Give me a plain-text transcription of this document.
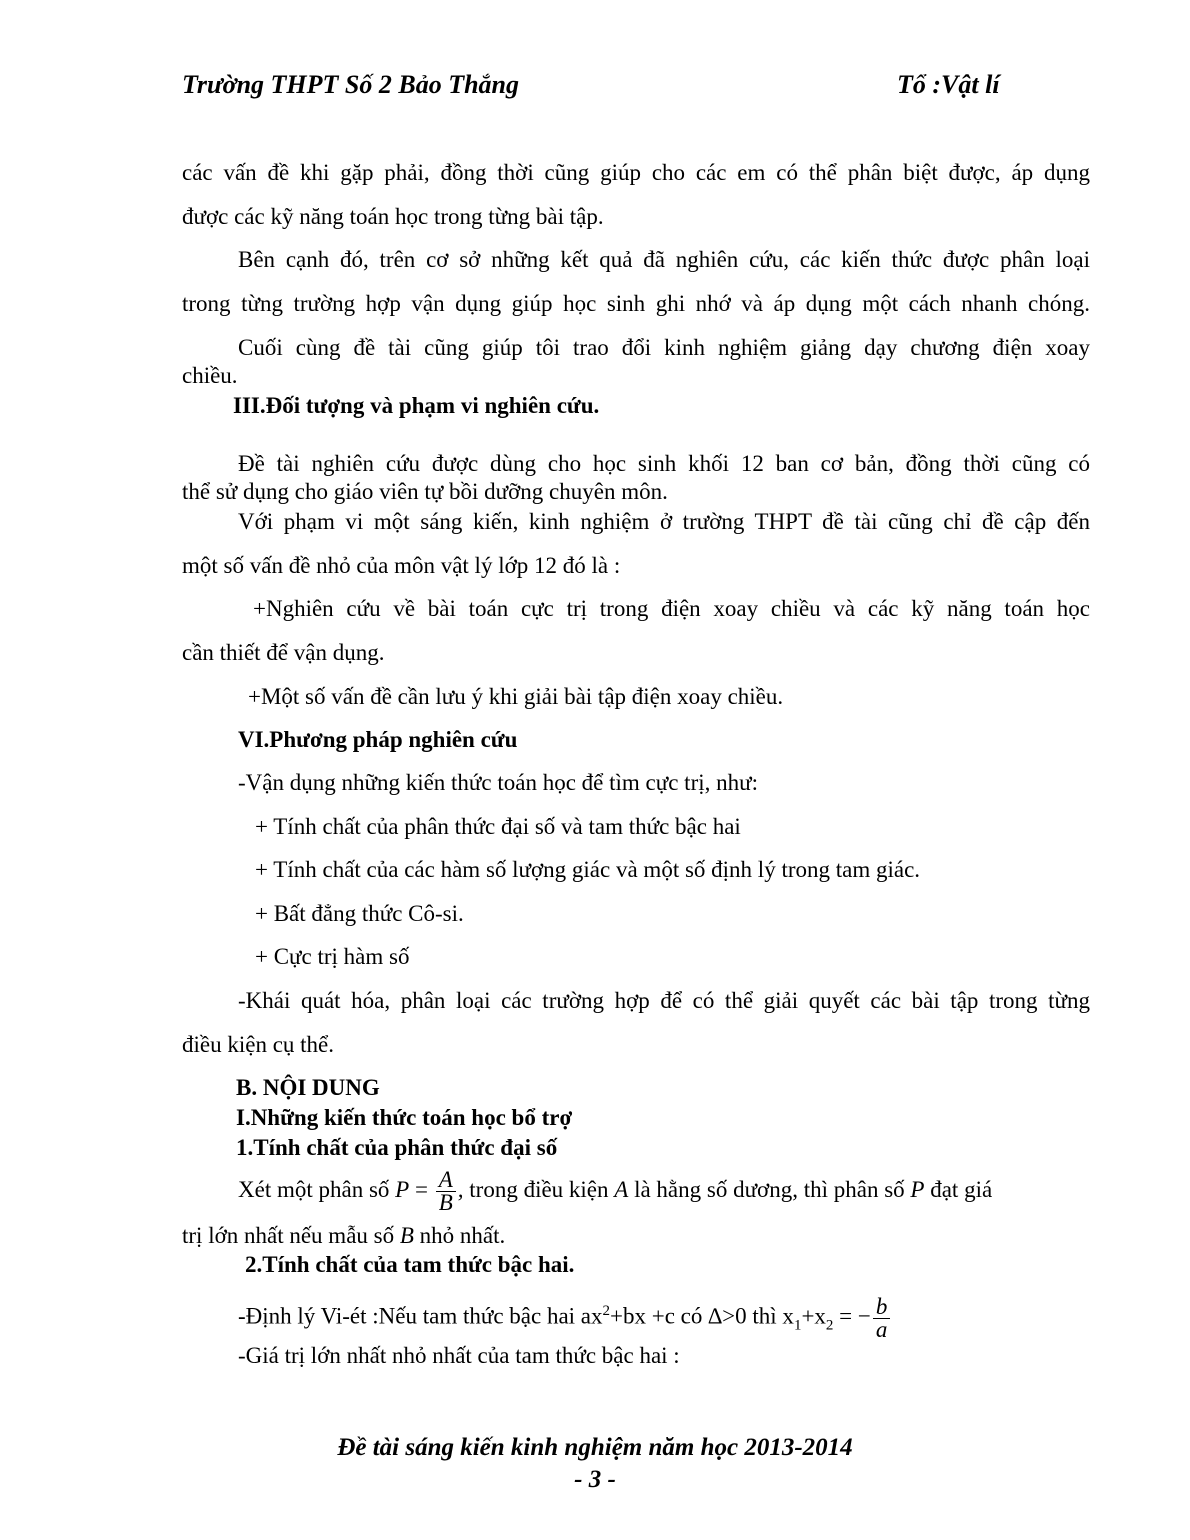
Trường THPT Số 2 Bảo Thắng	Tổ :Vật lí
các vấn đề khi gặp phải, đồng thời cũng giúp cho các em có thể phân biệt được, áp dụng
được các kỹ năng toán học trong từng bài tập.
Bên cạnh đó, trên cơ sở những kết quả đã nghiên cứu, các kiến thức được phân loại
trong từng trường hợp vận dụng giúp học sinh ghi nhớ và áp dụng một cách nhanh chóng.
Cuối cùng đề tài cũng giúp tôi trao đổi kinh nghiệm giảng dạy chương điện xoay
chiều.
III.Đối tượng và phạm vi nghiên cứu.
Đề tài nghiên cứu được dùng cho học sinh khối 12 ban cơ bản, đồng thời cũng có
thể sử dụng cho giáo viên tự bồi dưỡng chuyên môn.
Với phạm vi một sáng kiến, kinh nghiệm ở trường THPT đề tài cũng chỉ đề cập đến
một số vấn đề nhỏ của môn vật lý lớp 12 đó là :
+Nghiên cứu về bài toán cực trị trong điện xoay chiều và các kỹ năng toán học
cần thiết để vận dụng.
+Một số vấn đề cần lưu ý khi giải bài tập điện xoay chiều.
VI.Phương pháp nghiên cứu
-Vận dụng những kiến thức toán học để tìm cực trị, như:
+ Tính chất của phân thức đại số và tam thức bậc hai
+ Tính chất của các hàm số lượng giác và một số định lý trong tam giác.
+ Bất đẳng thức Cô-si.
+ Cực trị hàm số
-Khái quát hóa, phân loại các trường hợp để có thể giải quyết các bài tập trong từng
điều kiện cụ thể.
B. NỘI DUNG
I.Những kiến thức toán học bổ trợ
1.Tính chất của phân thức đại số
Xét một phân số $P = \frac{A}{B}$ , trong điều kiện A là hằng số dương, thì phân số P đạt giá
trị lớn nhất nếu mẫu số B nhỏ nhất.
2.Tính chất của tam thức bậc hai.
-Định lý Vi-ét :Nếu tam thức bậc hai $ax^2+bx +c$ có ∆>0 thì $x_1+x_2$ = − $\frac{b}{a}$
-Giá trị lớn nhất nhỏ nhất của tam thức bậc hai :
Đề tài sáng kiến kinh nghiệm năm học 2013-2014
- 3 -
